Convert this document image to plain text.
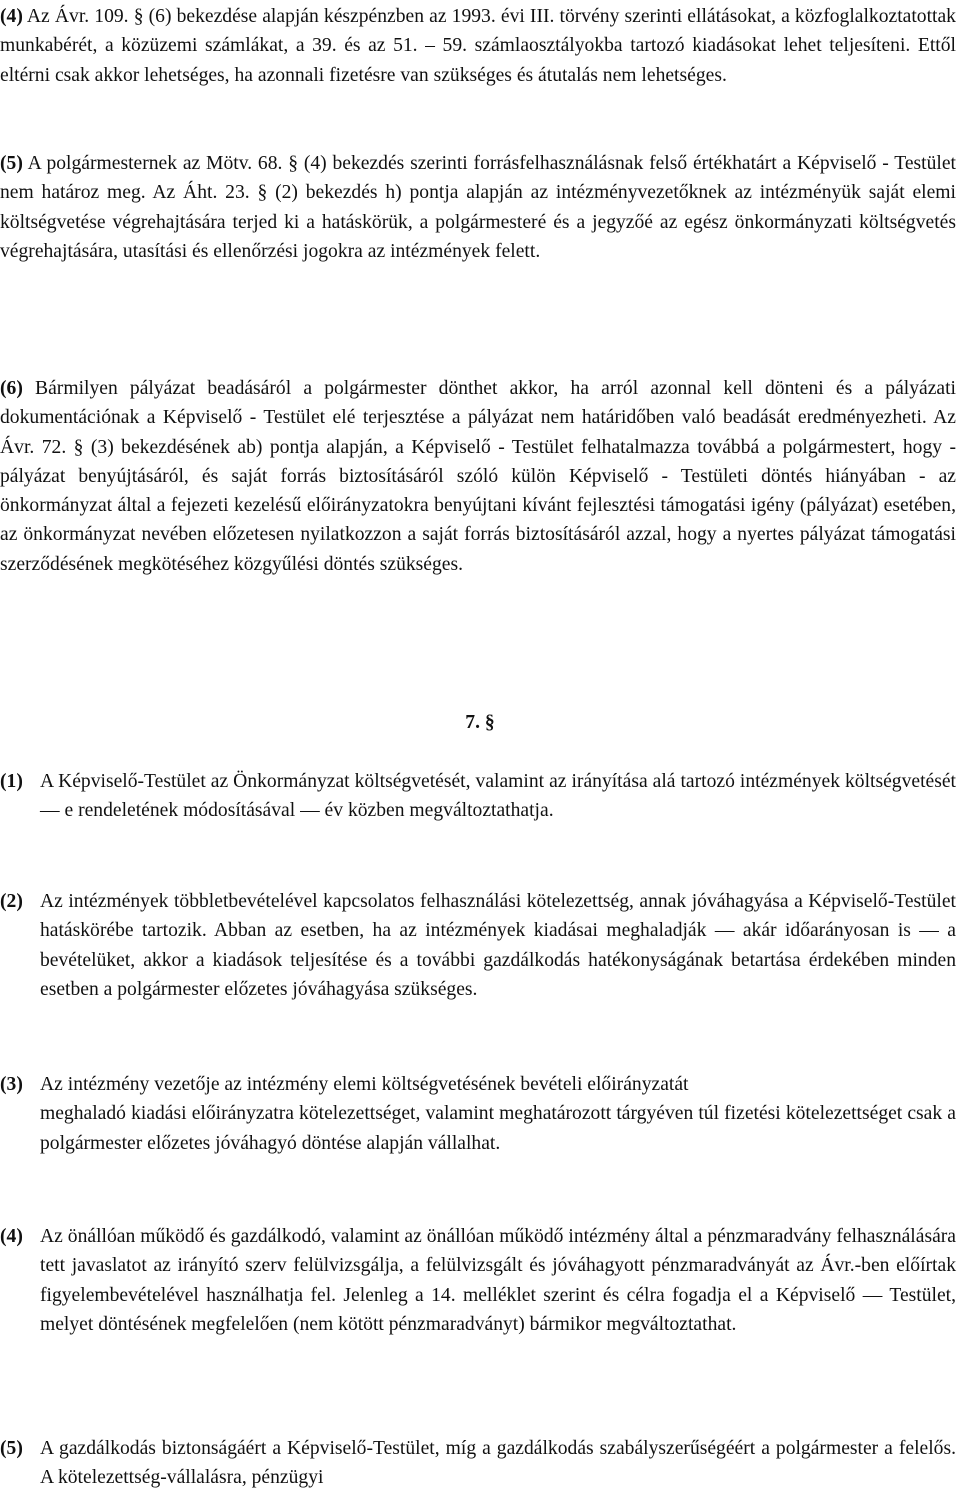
(4) Az Ávr. 109. § (6) bekezdése alapján készpénzben az 1993. évi III. törvény szerinti ellátásokat, a közfoglalkoztatottak munkabérét, a közüzemi számlákat, a 39. és az 51. – 59. számlaosztályokba tartozó kiadásokat lehet teljesíteni. Ettől eltérni csak akkor lehetséges, ha azonnali fizetésre van szükséges és átutalás nem lehetséges.
(5) A polgármesternek az Mötv. 68. § (4) bekezdés szerinti forrásfelhasználásnak felső értékhatárt a Képviselő - Testület nem határoz meg. Az Áht. 23. § (2) bekezdés h) pontja alapján az intézményvezetőknek az intézményük saját elemi költségvetése végrehajtására terjed ki a hatáskörük, a polgármesteré és a jegyzőé az egész önkormányzati költségvetés végrehajtására, utasítási és ellenőrzési jogokra az intézmények felett.
(6) Bármilyen pályázat beadásáról a polgármester dönthet akkor, ha arról azonnal kell dönteni és a pályázati dokumentációnak a Képviselő - Testület elé terjesztése a pályázat nem határidőben való beadását eredményezheti. Az Ávr. 72. § (3) bekezdésének ab) pontja alapján, a Képviselő - Testület felhatalmazza továbbá a polgármestert, hogy - pályázat benyújtásáról, és saját forrás biztosításáról szóló külön Képviselő - Testületi döntés hiányában - az önkormányzat által a fejezeti kezelésű előirányzatokra benyújtani kívánt fejlesztési támogatási igény (pályázat) esetében, az önkormányzat nevében előzetesen nyilatkozzon a saját forrás biztosításáról azzal, hogy a nyertes pályázat támogatási szerződésének megkötéséhez közgyűlési döntés szükséges.
7. §
(1) A Képviselő-Testület az Önkormányzat költségvetését, valamint az irányítása alá tartozó intézmények költségvetését — e rendeletének módosításával — év közben megváltoztathatja.
(2) Az intézmények többletbevételével kapcsolatos felhasználási kötelezettség, annak jóváhagyása a Képviselő-Testület hatáskörébe tartozik. Abban az esetben, ha az intézmények kiadásai meghaladják — akár időarányosan is — a bevételüket, akkor a kiadások teljesítése és a további gazdálkodás hatékonyságának betartása érdekében minden esetben a polgármester előzetes jóváhagyása szükséges.
(3) Az intézmény vezetője az intézmény elemi költségvetésének bevételi előirányzatát
meghaladó kiadási előirányzatra kötelezettséget, valamint meghatározott tárgyéven túl fizetési kötelezettséget csak a polgármester előzetes jóváhagyó döntése alapján vállalhat.
(4) Az önállóan működő és gazdálkodó, valamint az önállóan működő intézmény által a pénzmaradvány felhasználására tett javaslatot az irányító szerv felülvizsgálja, a felülvizsgált és jóváhagyott pénzmaradványát az Ávr.-ben előírtak figyelembevételével használhatja fel. Jelenleg a 14. melléklet szerint és célra fogadja el a Képviselő — Testület, melyet döntésének megfelelően (nem kötött pénzmaradványt) bármikor megváltoztathat.
(5) A gazdálkodás biztonságáért a Képviselő-Testület, míg a gazdálkodás szabályszerűségéért a polgármester a felelős. A kötelezettség-vállalásra, pénzügyi
